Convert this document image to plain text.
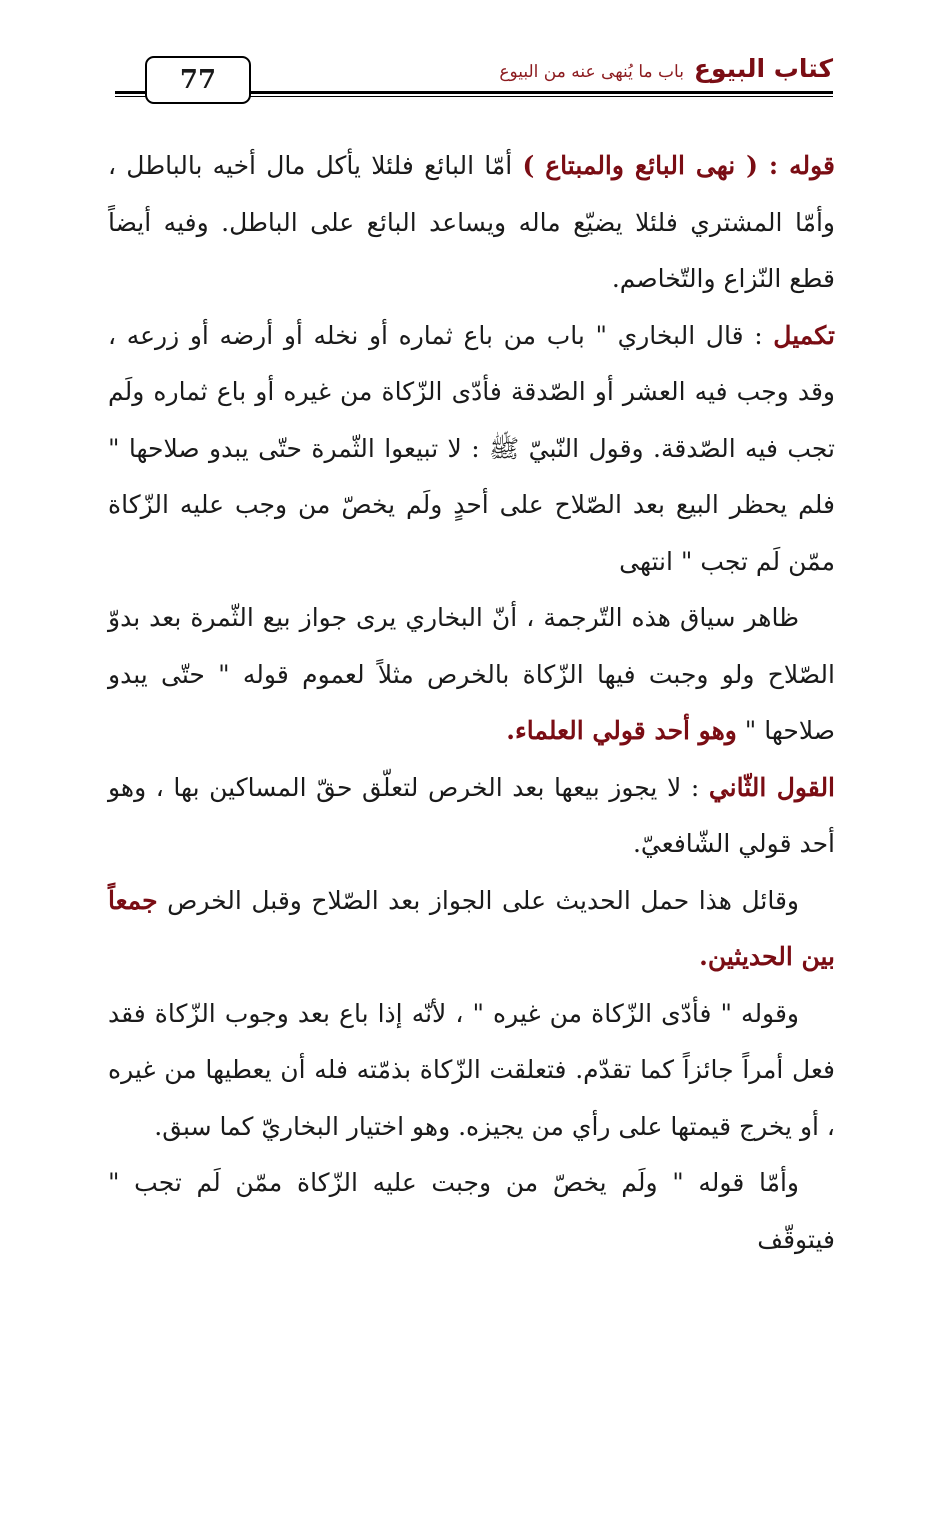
77	كتاب البيوع
باب ما يُنهى عنه من البيوع

قوله : ( نهى البائع والمبتاع ) أمّا البائع فلئلا يأكل مال أخيه بالباطل ، وأمّا المشتري فلئلا يضيّع ماله ويساعد البائع على الباطل. وفيه أيضاً قطع النّزاع والتّخاصم.

تكميل : قال البخاري " باب من باع ثماره أو نخله أو أرضه أو زرعه ، وقد وجب فيه العشر أو الصّدقة فأدّى الزّكاة من غيره أو باع ثماره ولَم تجب فيه الصّدقة. وقول النّبيّ ﷺ : لا تبيعوا الثّمرة حتّى يبدو صلاحها " فلم يحظر البيع بعد الصّلاح على أحدٍ ولَم يخصّ من وجب عليه الزّكاة ممّن لَم تجب " انتهى

ظاهر سياق هذه التّرجمة ، أنّ البخاري يرى جواز بيع الثّمرة بعد بدوّ الصّلاح ولو وجبت فيها الزّكاة بالخرص مثلاً لعموم قوله " حتّى يبدو صلاحها " وهو أحد قولي العلماء.

القول الثّاني : لا يجوز بيعها بعد الخرص لتعلّق حقّ المساكين بها ، وهو أحد قولي الشّافعيّ.

وقائل هذا حمل الحديث على الجواز بعد الصّلاح وقبل الخرص جمعاً بين الحديثين.

وقوله " فأدّى الزّكاة من غيره " ، لأنّه إذا باع بعد وجوب الزّكاة فقد فعل أمراً جائزاً كما تقدّم. فتعلقت الزّكاة بذمّته فله أن يعطيها من غيره ، أو يخرج قيمتها على رأي من يجيزه. وهو اختيار البخاريّ كما سبق.

وأمّا قوله " ولَم يخصّ من وجبت عليه الزّكاة ممّن لَم تجب " فيتوقّف
